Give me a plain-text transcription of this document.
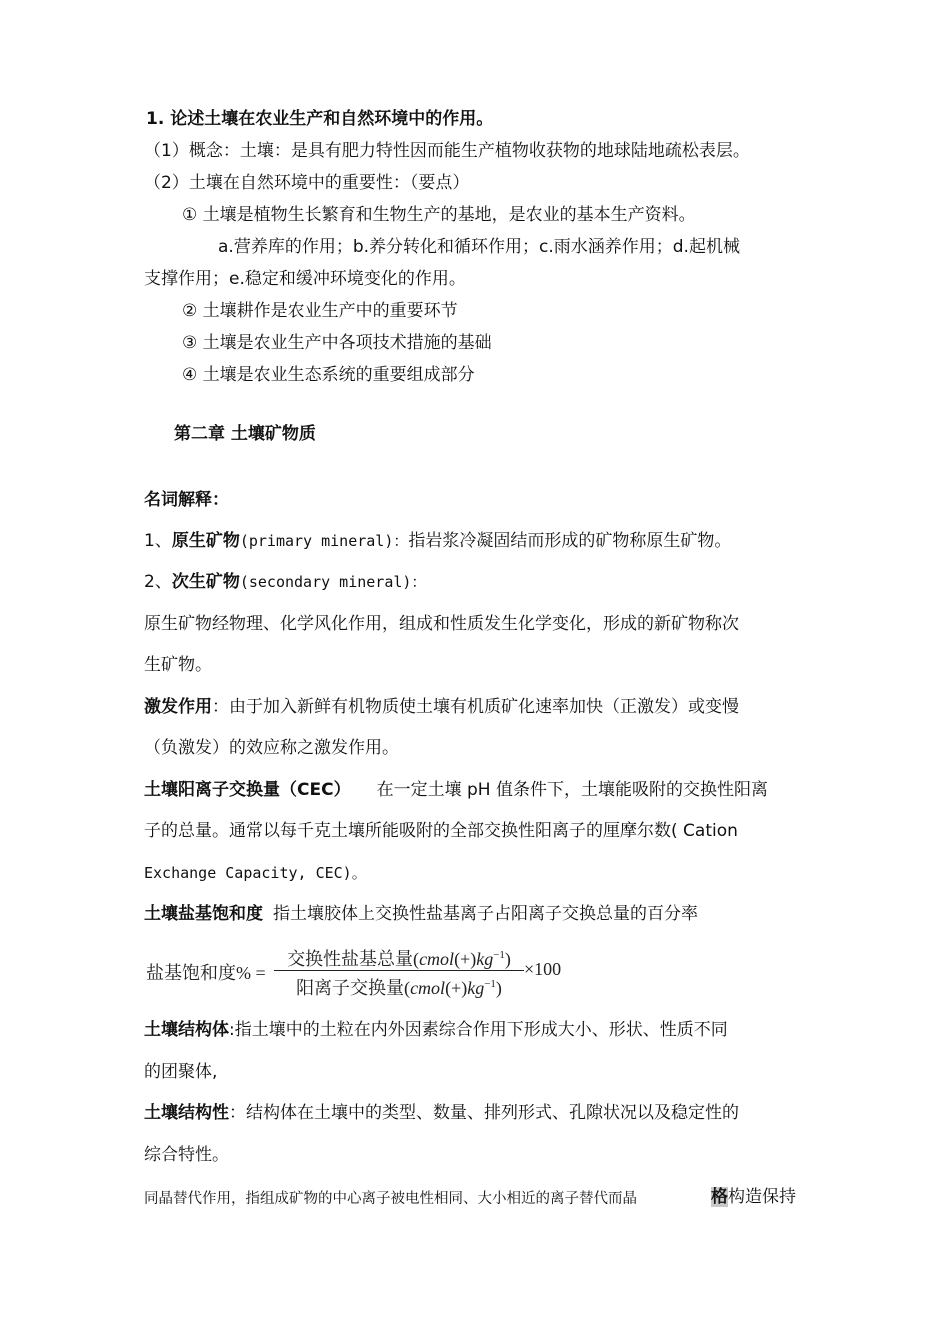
1. 论述土壤在农业生产和自然环境中的作用。
（1）概念：土壤：是具有肥力特性因而能生产植物收获物的地球陆地疏松表层。
（2）土壤在自然环境中的重要性：（要点）
① 土壤是植物生长繁育和生物生产的基地，是农业的基本生产资料。
a.营养库的作用；b.养分转化和循环作用；c.雨水涵养作用；d.起机械
支撑作用；e.稳定和缓冲环境变化的作用。
② 土壤耕作是农业生产中的重要环节
③ 土壤是农业生产中各项技术措施的基础
④ 土壤是农业生态系统的重要组成部分
第二章 土壤矿物质
名词解释：
1、原生矿物(primary mineral)：指岩浆冷凝固结而形成的矿物称原生矿物。
2、次生矿物(secondary mineral)：
原生矿物经物理、化学风化作用，组成和性质发生化学变化，形成的新矿物称次
生矿物。
激发作用：由于加入新鲜有机物质使土壤有机质矿化速率加快（正激发）或变慢
（负激发）的效应称之激发作用。
土壤阳离子交换量（CEC） 在一定土壤 pH 值条件下，土壤能吸附的交换性阳离
子的总量。通常以每千克土壤所能吸附的全部交换性阳离子的厘摩尔数( Cation
Exchange Capacity, CEC)。
土壤盐基饱和度 指土壤胶体上交换性盐基离子占阳离子交换总量的百分率
盐基饱和度% =
交换性盐基总量$(cmol(+)kg^{-1})$
阳离子交换量$(cmol(+)kg^{-1})$
×100
土壤结构体:指土壤中的土粒在内外因素综合作用下形成大小、形状、性质不同
的团聚体,
土壤结构性：结构体在土壤中的类型、数量、排列形式、孔隙状况以及稳定性的
综合特性。
同晶替代作用，指组成矿物的中心离子被电性相同、大小相近的离子替代而晶	格构造保持
